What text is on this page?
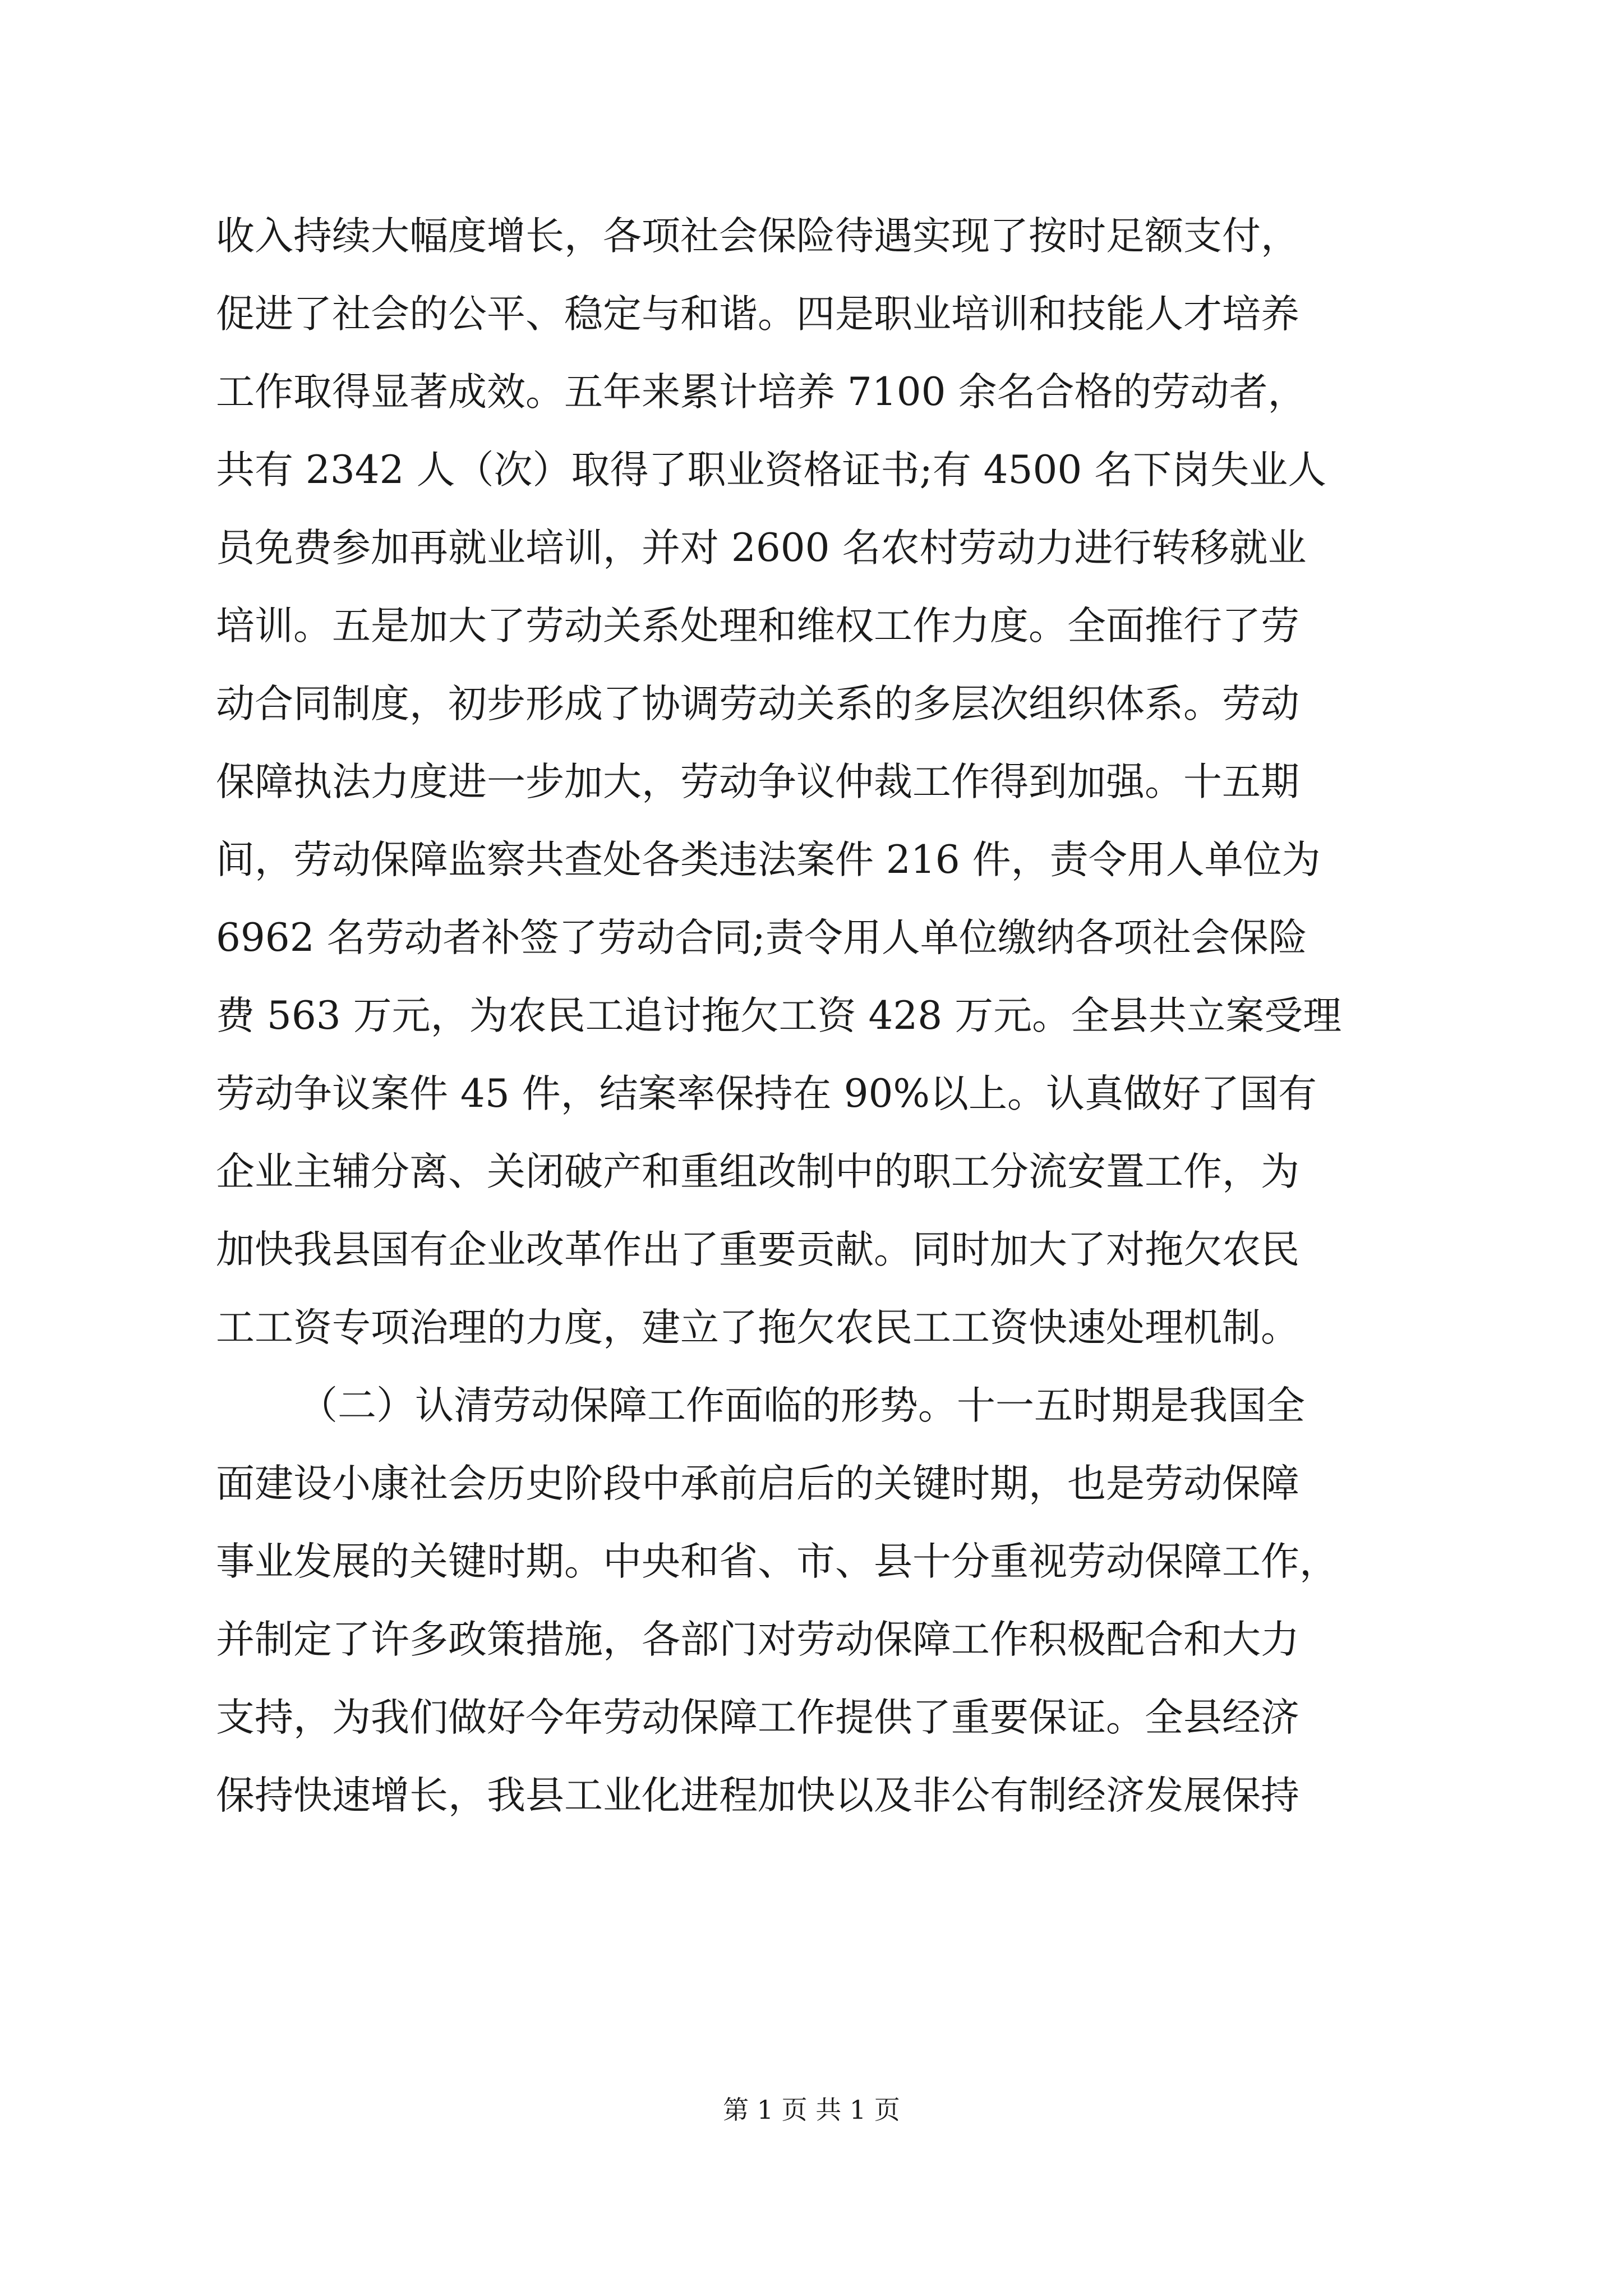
收入持续大幅度增长，各项社会保险待遇实现了按时足额支付，
促进了社会的公平、稳定与和谐。四是职业培训和技能人才培养
工作取得显著成效。五年来累计培养 7100 余名合格的劳动者，
共有 2342 人（次）取得了职业资格证书;有 4500 名下岗失业人
员免费参加再就业培训，并对 2600 名农村劳动力进行转移就业
培训。五是加大了劳动关系处理和维权工作力度。全面推行了劳
动合同制度，初步形成了协调劳动关系的多层次组织体系。劳动
保障执法力度进一步加大，劳动争议仲裁工作得到加强。十五期
间，劳动保障监察共查处各类违法案件 216 件，责令用人单位为
6962 名劳动者补签了劳动合同;责令用人单位缴纳各项社会保险
费 563 万元，为农民工追讨拖欠工资 428 万元。全县共立案受理
劳动争议案件 45 件，结案率保持在 90%以上。认真做好了国有
企业主辅分离、关闭破产和重组改制中的职工分流安置工作，为
加快我县国有企业改革作出了重要贡献。同时加大了对拖欠农民
工工资专项治理的力度，建立了拖欠农民工工资快速处理机制。
（二）认清劳动保障工作面临的形势。十一五时期是我国全
面建设小康社会历史阶段中承前启后的关键时期，也是劳动保障
事业发展的关键时期。中央和省、市、县十分重视劳动保障工作，
并制定了许多政策措施，各部门对劳动保障工作积极配合和大力
支持，为我们做好今年劳动保障工作提供了重要保证。全县经济
保持快速增长，我县工业化进程加快以及非公有制经济发展保持
第 1 页 共 1 页
